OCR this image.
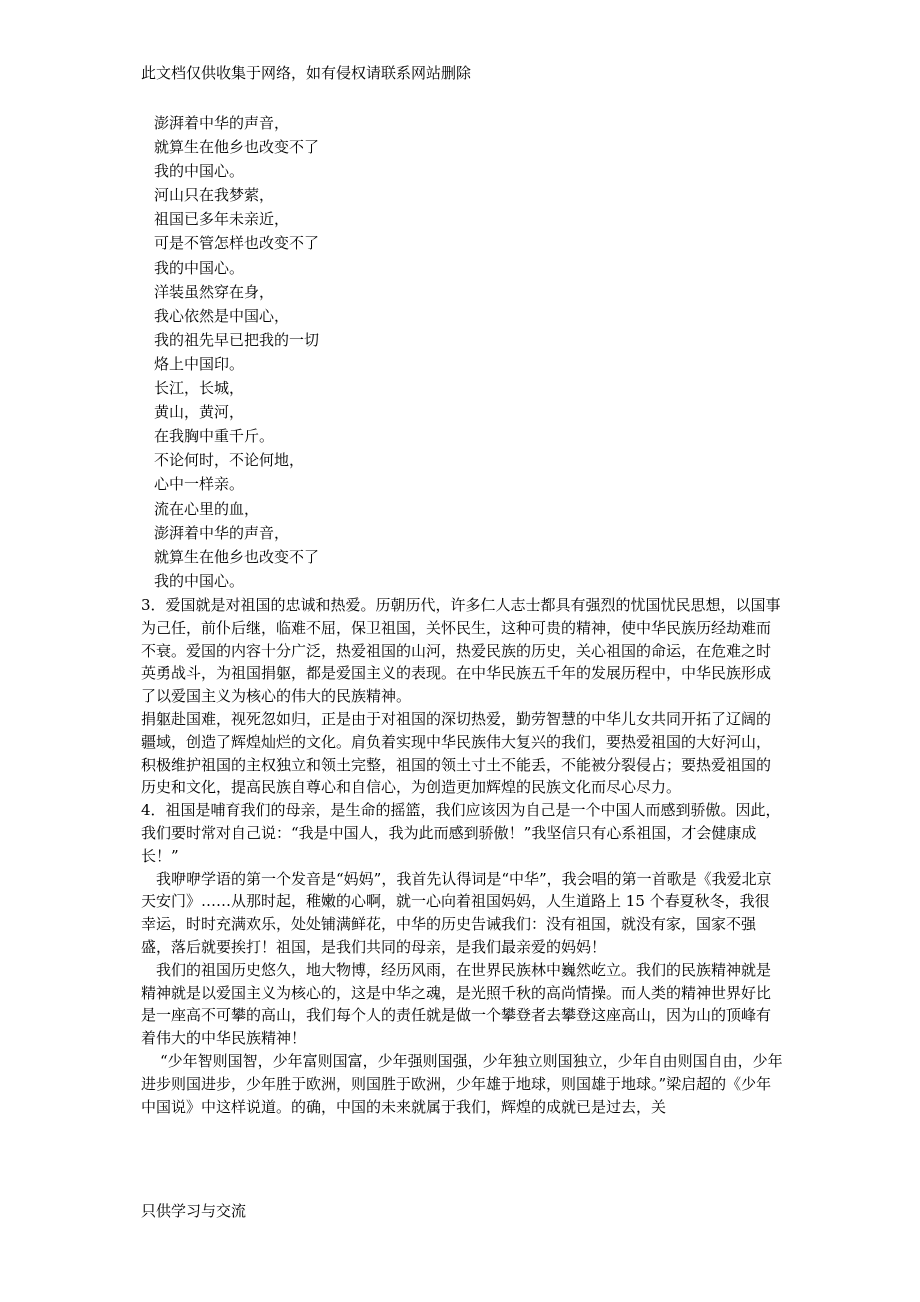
此文档仅供收集于网络，如有侵权请联系网站删除
澎湃着中华的声音，
就算生在他乡也改变不了
我的中国心。
河山只在我梦萦，
祖国已多年未亲近，
可是不管怎样也改变不了
我的中国心。
洋装虽然穿在身，
我心依然是中国心，
我的祖先早已把我的一切
烙上中国印。
长江，长城，
黄山，黄河，
在我胸中重千斤。
不论何时，不论何地，
心中一样亲。
流在心里的血，
澎湃着中华的声音，
就算生在他乡也改变不了
我的中国心。

3．爱国就是对祖国的忠诚和热爱。历朝历代，许多仁人志士都具有强烈的忧国忧民思想，以国事为己任，前仆后继，临难不屈，保卫祖国，关怀民生，这种可贵的精神，使中华民族历经劫难而不衰。爱国的内容十分广泛，热爱祖国的山河，热爱民族的历史，关心祖国的命运，在危难之时英勇战斗，为祖国捐躯，都是爱国主义的表现。在中华民族五千年的发展历程中，中华民族形成了以爱国主义为核心的伟大的民族精神。

捐躯赴国难，视死忽如归，正是由于对祖国的深切热爱，勤劳智慧的中华儿女共同开拓了辽阔的疆域，创造了辉煌灿烂的文化。肩负着实现中华民族伟大复兴的我们，要热爱祖国的大好河山，积极维护祖国的主权独立和领土完整，祖国的领土寸土不能丢，不能被分裂侵占；要热爱祖国的历史和文化，提高民族自尊心和自信心，为创造更加辉煌的民族文化而尽心尽力。

4．祖国是哺育我们的母亲，是生命的摇篮，我们应该因为自己是一个中国人而感到骄傲。因此，我们要时常对自己说：“我是中国人，我为此而感到骄傲！”我坚信只有心系祖国，才会健康成长！”

我咿咿学语的第一个发音是“妈妈”，我首先认得词是“中华”，我会唱的第一首歌是《我爱北京天安门》……从那时起，稚嫩的心啊，就一心向着祖国妈妈，人生道路上 15 个春夏秋冬，我很幸运，时时充满欢乐，处处铺满鲜花，中华的历史告诫我们：没有祖国，就没有家，国家不强盛，落后就要挨打！祖国，是我们共同的母亲，是我们最亲爱的妈妈！

我们的祖国历史悠久，地大物博，经历风雨，在世界民族林中巍然屹立。我们的民族精神就是精神就是以爱国主义为核心的，这是中华之魂，是光照千秋的高尚情操。而人类的精神世界好比是一座高不可攀的高山，我们每个人的责任就是做一个攀登者去攀登这座高山，因为山的顶峰有着伟大的中华民族精神！

“少年智则国智，少年富则国富，少年强则国强，少年独立则国独立，少年自由则国自由，少年进步则国进步，少年胜于欧洲，则国胜于欧洲，少年雄于地球，则国雄于地球。”梁启超的《少年中国说》中这样说道。的确，中国的未来就属于我们，辉煌的成就已是过去，关

只供学习与交流
